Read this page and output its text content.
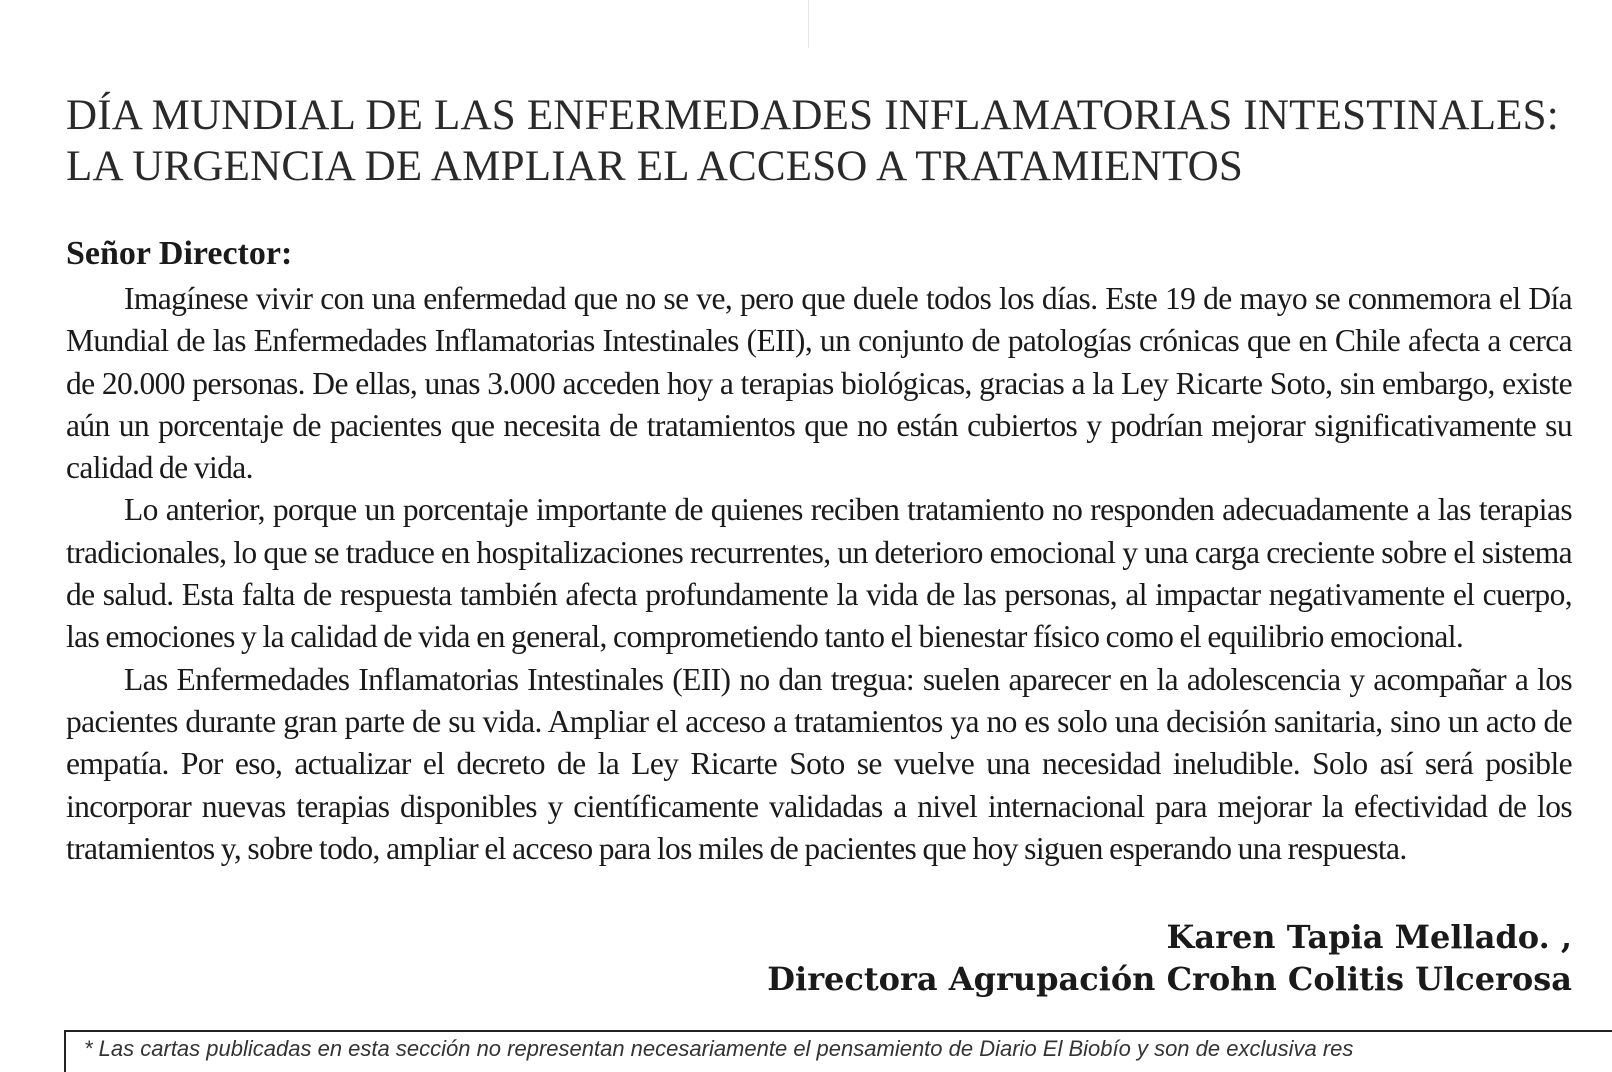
DÍA MUNDIAL DE LAS ENFERMEDADES INFLAMATORIAS INTESTINALES:
LA URGENCIA DE AMPLIAR EL ACCESO A TRATAMIENTOS
Señor Director:

Imagínese vivir con una enfermedad que no se ve, pero que duele todos los días. Este 19 de mayo se conmemora el Día Mundial de las Enfermedades Inflamatorias Intestinales (EII), un conjunto de patologías crónicas que en Chile afecta a cerca de 20.000 personas. De ellas, unas 3.000 acceden hoy a terapias biológicas, gracias a la Ley Ricarte Soto, sin embargo, existe aún un porcentaje de pacientes que necesita de tratamientos que no están cubiertos y podrían mejorar significativamente su calidad de vida.

Lo anterior, porque un porcentaje importante de quienes reciben tratamiento no responden adecuadamente a las terapias tradicionales, lo que se traduce en hospitalizaciones recurrentes, un deterioro emocional y una carga creciente sobre el sistema de salud. Esta falta de respuesta también afecta profundamente la vida de las personas, al impactar negativamente el cuerpo, las emociones y la calidad de vida en general, comprometiendo tanto el bienestar físico como el equilibrio emocional.

Las Enfermedades Inflamatorias Intestinales (EII) no dan tregua: suelen aparecer en la adolescencia y acompañar a los pacientes durante gran parte de su vida. Ampliar el acceso a tratamientos ya no es solo una decisión sanitaria, sino un acto de empatía. Por eso, actualizar el decreto de la Ley Ricarte Soto se vuelve una necesidad ineludible. Solo así será posible incorporar nuevas terapias disponibles y científicamente validadas a nivel internacional para mejorar la efectividad de los tratamientos y, sobre todo, ampliar el acceso para los miles de pacientes que hoy siguen esperando una respuesta.

Karen Tapia Mellado. ,
Directora Agrupación Crohn Colitis Ulcerosa
* Las cartas publicadas en esta sección no representan necesariamente el pensamiento de Diario El Biobío y son de exclusiva res
